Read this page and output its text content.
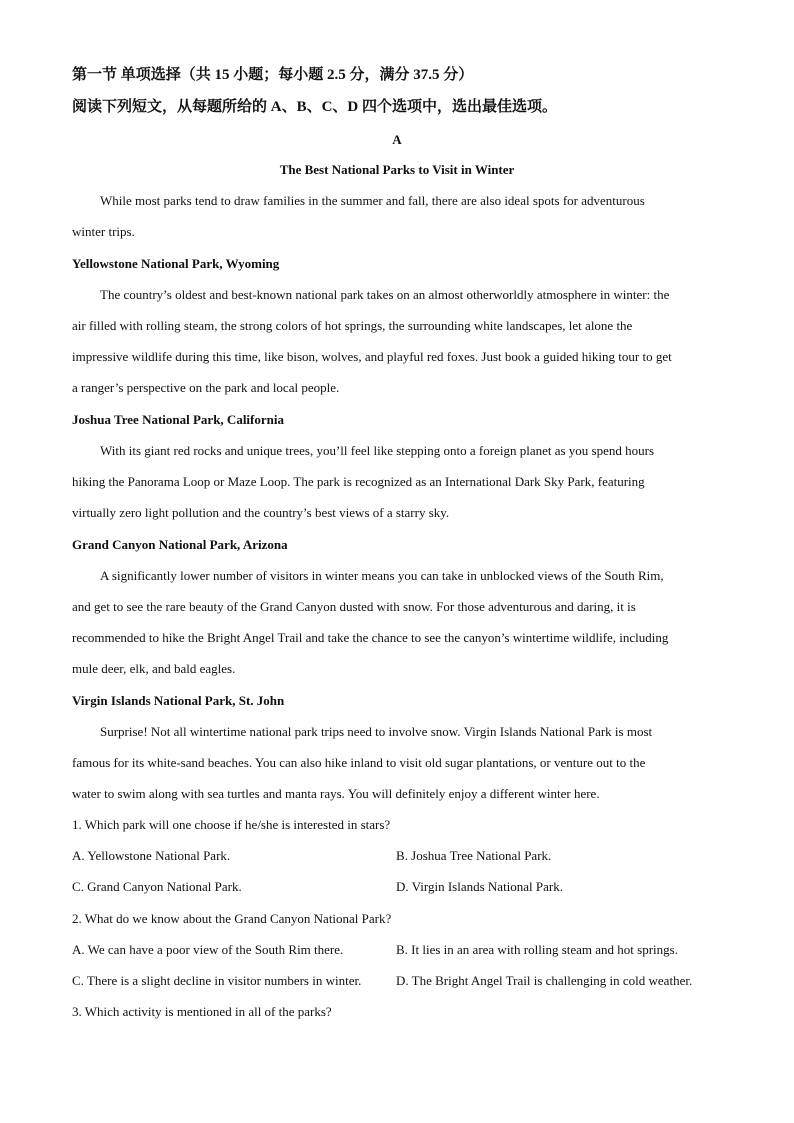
第一节 单项选择（共 15 小题；每小题 2.5 分，满分 37.5 分）
阅读下列短文，从每题所给的 A、B、C、D 四个选项中，选出最佳选项。
A
The Best National Parks to Visit in Winter
While most parks tend to draw families in the summer and fall, there are also ideal spots for adventurous
winter trips.
Yellowstone National Park, Wyoming
The country’s oldest and best-known national park takes on an almost otherworldly atmosphere in winter: the
air filled with rolling steam, the strong colors of hot springs, the surrounding white landscapes, let alone the
impressive wildlife during this time, like bison, wolves, and playful red foxes. Just book a guided hiking tour to get
a ranger’s perspective on the park and local people.
Joshua Tree National Park, California
With its giant red rocks and unique trees, you’ll feel like stepping onto a foreign planet as you spend hours
hiking the Panorama Loop or Maze Loop. The park is recognized as an International Dark Sky Park, featuring
virtually zero light pollution and the country’s best views of a starry sky.
Grand Canyon National Park, Arizona
A significantly lower number of visitors in winter means you can take in unblocked views of the South Rim,
and get to see the rare beauty of the Grand Canyon dusted with snow. For those adventurous and daring, it is
recommended to hike the Bright Angel Trail and take the chance to see the canyon’s wintertime wildlife, including
mule deer, elk, and bald eagles.
Virgin Islands National Park, St. John
Surprise! Not all wintertime national park trips need to involve snow. Virgin Islands National Park is most
famous for its white-sand beaches. You can also hike inland to visit old sugar plantations, or venture out to the
water to swim along with sea turtles and manta rays. You will definitely enjoy a different winter here.
1. Which park will one choose if he/she is interested in stars?
A. Yellowstone National Park.	B. Joshua Tree National Park.
C. Grand Canyon National Park.	D. Virgin Islands National Park.
2. What do we know about the Grand Canyon National Park?
A. We can have a poor view of the South Rim there.	B. It lies in an area with rolling steam and hot springs.
C. There is a slight decline in visitor numbers in winter.	D. The Bright Angel Trail is challenging in cold weather.
3. Which activity is mentioned in all of the parks?
